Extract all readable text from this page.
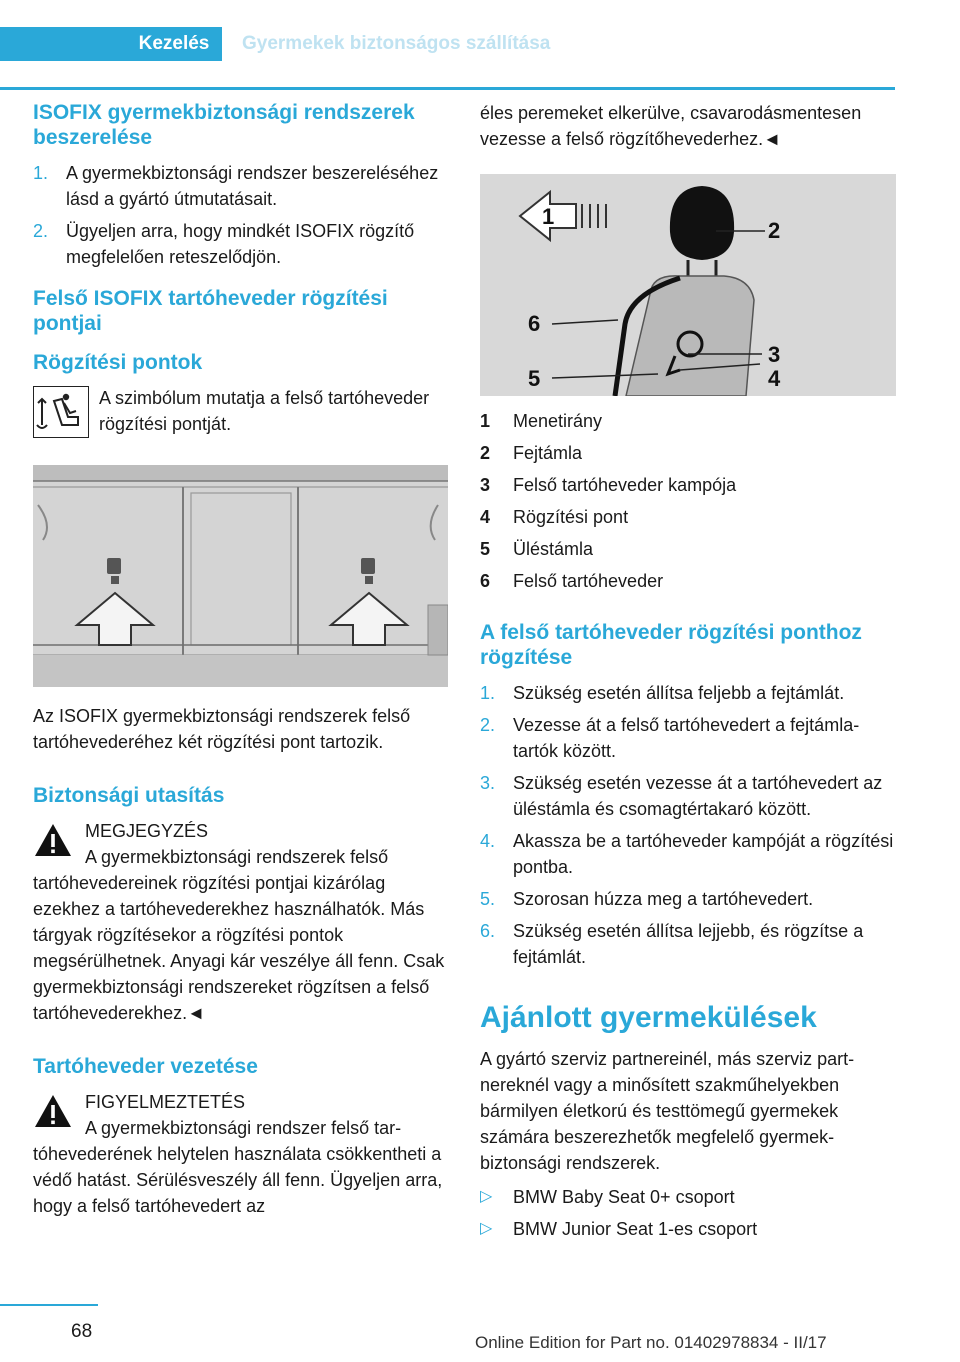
Kezelés	Gyermekek biztonságos szállítása
ISOFIX gyermekbiztonsági rendszerek beszerelése
1. A gyermekbiztonsági rendszer beszereléséhez lásd a gyártó útmutatásait.
2. Ügyeljen arra, hogy mindkét ISOFIX rögzítő megfelelően reteszelődjön.
Felső ISOFIX tartóheveder rögzítési pontjai
Rögzítési pontok
A szimbólum mutatja a felső tartóheveder rögzítési pontját.

Az ISOFIX gyermekbiztonsági rendszerek felső tartóhevederéhez két rögzítési pont tartozik.

Biztonsági utasítás
MEGJEGYZÉS
A gyermekbiztonsági rendszerek felső tartóhevedereinek rögzítési pontjai kizárólag ezekhez a tartóhevederekhez használhatók. Más tárgyak rögzítésekor a rögzítési pontok megsérülhetnek. Anyagi kár veszélye áll fenn. Csak gyermekbiztonsági rendszereket rögzítsen a felső tartóhevederekhez.◄
Tartóheveder vezetése
FIGYELMEZTETÉS
A gyermekbiztonsági rendszer felső tartóhevederének helytelen használata csökkentheti a védő hatást. Sérülésveszély áll fenn. Ügyeljen arra, hogy a felső tartóhevedert az

éles peremeket elkerülve, csavarodásmentesen vezesse a felső rögzítőhevederhez.◄

1
2
3
4
5
6
1	Menetirány
2	Fejtámla
3	Felső tartóheveder kampója
4	Rögzítési pont
5	Üléstámla
6	Felső tartóheveder
A felső tartóheveder rögzítési ponthoz rögzítése
1. Szükség esetén állítsa feljebb a fejtámlát.
2. Vezesse át a felső tartóhevedert a fejtámlatartók között.
3. Szükség esetén vezesse át a tartóhevedert az üléstámla és csomagtértakaró között.
4. Akassza be a tartóheveder kampóját a rögzítési pontba.
5. Szorosan húzza meg a tartóhevedert.
6. Szükség esetén állítsa lejjebb, és rögzítse a fejtámlát.
Ajánlott gyermekülések

A gyártó szerviz partnereinél, más szerviz partnereknél vagy a minősített szakműhelyekben bármilyen életkorú és testtömegű gyermekek számára beszerezhetők megfelelő gyermekbiztonsági rendszerek.

▷ BMW Baby Seat 0+ csoport
▷ BMW Junior Seat 1-es csoport
68
Online Edition for Part no. 01402978834 - II/17
